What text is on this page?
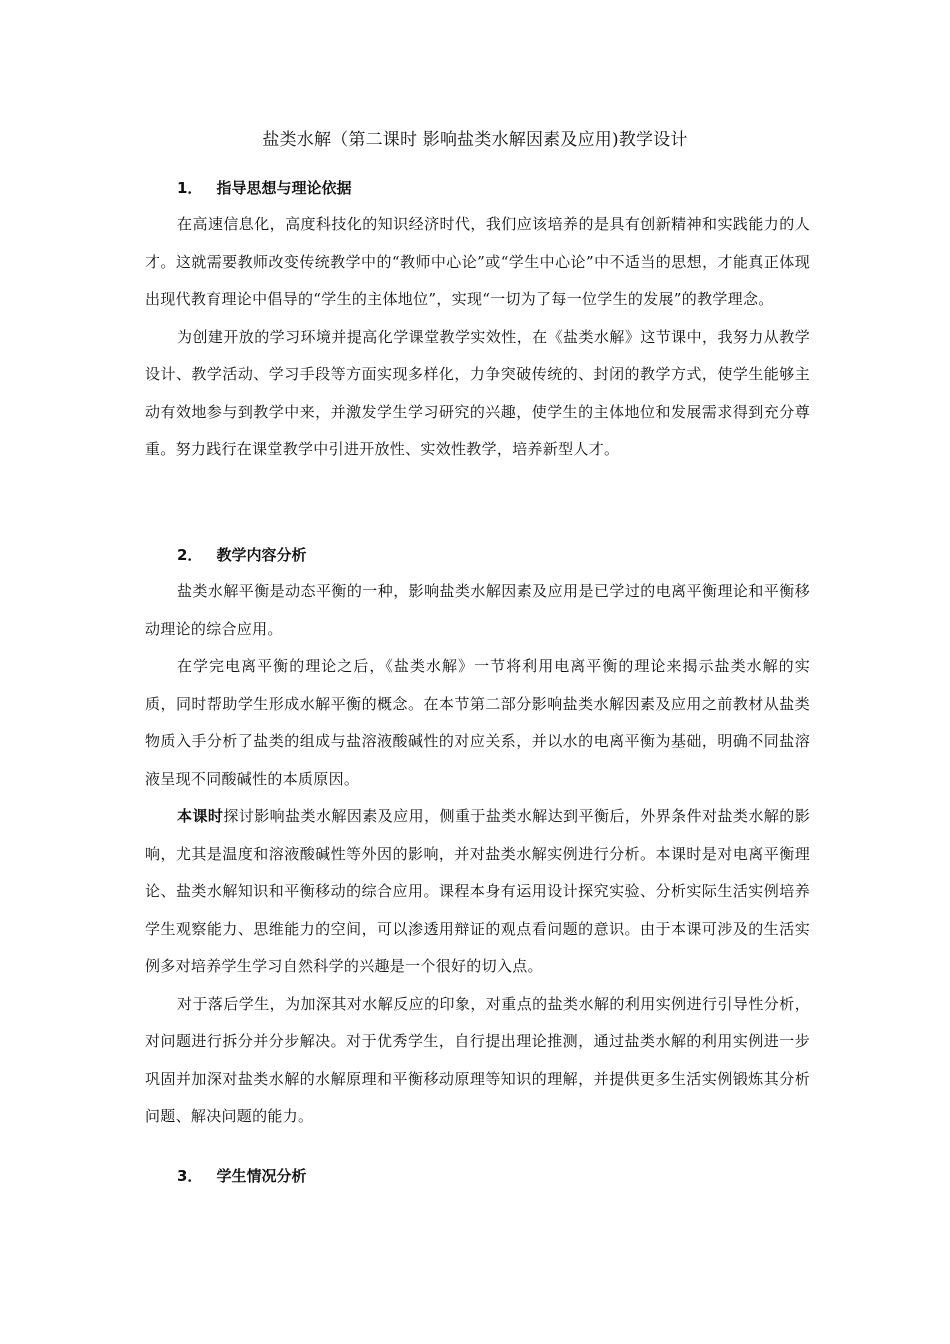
盐类水解（第二课时 影响盐类水解因素及应用)教学设计

1． 指导思想与理论依据

在高速信息化，高度科技化的知识经济时代，我们应该培养的是具有创新精神和实践能力的人才。这就需要教师改变传统教学中的“教师中心论”或“学生中心论”中不适当的思想，才能真正体现出现代教育理论中倡导的“学生的主体地位”，实现“一切为了每一位学生的发展”的教学理念。

为创建开放的学习环境并提高化学课堂教学实效性，在《盐类水解》这节课中，我努力从教学设计、教学活动、学习手段等方面实现多样化，力争突破传统的、封闭的教学方式，使学生能够主动有效地参与到教学中来，并激发学生学习研究的兴趣，使学生的主体地位和发展需求得到充分尊重。努力践行在课堂教学中引进开放性、实效性教学，培养新型人才。

2． 教学内容分析

盐类水解平衡是动态平衡的一种，影响盐类水解因素及应用是已学过的电离平衡理论和平衡移动理论的综合应用。

在学完电离平衡的理论之后，《盐类水解》一节将利用电离平衡的理论来揭示盐类水解的实质，同时帮助学生形成水解平衡的概念。在本节第二部分影响盐类水解因素及应用之前教材从盐类物质入手分析了盐类的组成与盐溶液酸碱性的对应关系，并以水的电离平衡为基础，明确不同盐溶液呈现不同酸碱性的本质原因。

本课时探讨影响盐类水解因素及应用，侧重于盐类水解达到平衡后，外界条件对盐类水解的影响，尤其是温度和溶液酸碱性等外因的影响，并对盐类水解实例进行分析。本课时是对电离平衡理论、盐类水解知识和平衡移动的综合应用。课程本身有运用设计探究实验、分析实际生活实例培养学生观察能力、思维能力的空间，可以渗透用辩证的观点看问题的意识。由于本课可涉及的生活实例多对培养学生学习自然科学的兴趣是一个很好的切入点。

对于落后学生，为加深其对水解反应的印象，对重点的盐类水解的利用实例进行引导性分析，对问题进行拆分并分步解决。对于优秀学生，自行提出理论推测，通过盐类水解的利用实例进一步巩固并加深对盐类水解的水解原理和平衡移动原理等知识的理解，并提供更多生活实例锻炼其分析问题、解决问题的能力。

3． 学生情况分析
